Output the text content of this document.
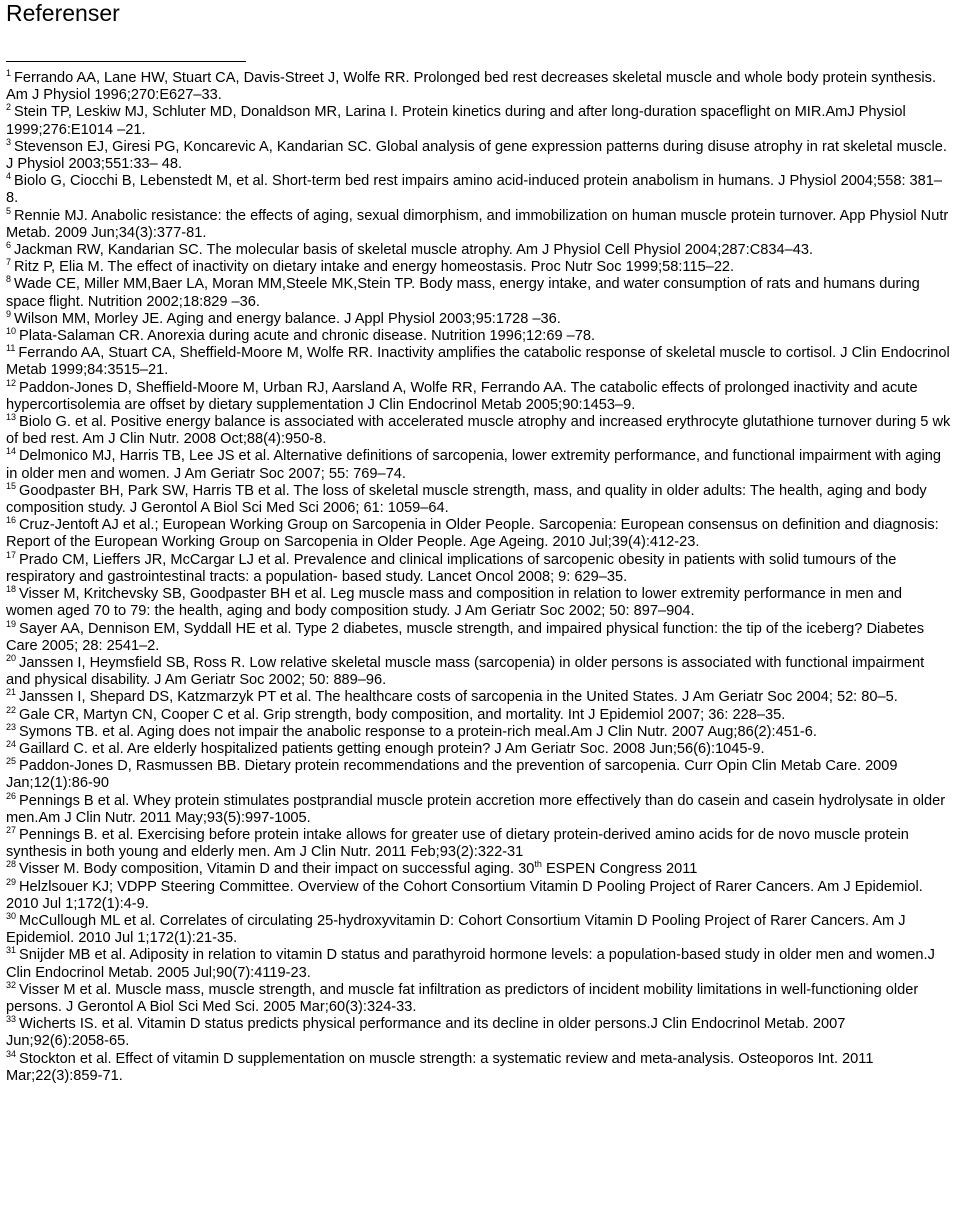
Referenser

$^1$ Ferrando AA, Lane HW, Stuart CA, Davis-Street J, Wolfe RR. Prolonged bed rest decreases skeletal muscle and whole body protein synthesis. Am J Physiol 1996;270:E627–33.

$^2$ Stein TP, Leskiw MJ, Schluter MD, Donaldson MR, Larina I. Protein kinetics during and after long-duration spaceflight on MIR.AmJ Physiol 1999;276:E1014 –21.

$^3$ Stevenson EJ, Giresi PG, Koncarevic A, Kandarian SC. Global analysis of gene expression patterns during disuse atrophy in rat skeletal muscle. J Physiol 2003;551:33– 48.

$^4$ Biolo G, Ciocchi B, Lebenstedt M, et al. Short-term bed rest impairs amino acid-induced protein anabolism in humans. J Physiol 2004;558: 381–8.

$^5$ Rennie MJ. Anabolic resistance: the effects of aging, sexual dimorphism, and immobilization on human muscle protein turnover. App Physiol Nutr Metab. 2009 Jun;34(3):377-81.

$^6$ Jackman RW, Kandarian SC. The molecular basis of skeletal muscle atrophy. Am J Physiol Cell Physiol 2004;287:C834–43.

$^7$ Ritz P, Elia M. The effect of inactivity on dietary intake and energy homeostasis. Proc Nutr Soc 1999;58:115–22.

$^8$ Wade CE, Miller MM,Baer LA, Moran MM,Steele MK,Stein TP. Body mass, energy intake, and water consumption of rats and humans during space flight. Nutrition 2002;18:829 –36.

$^9$ Wilson MM, Morley JE. Aging and energy balance. J Appl Physiol 2003;95:1728 –36.

$^{10}$ Plata-Salaman CR. Anorexia during acute and chronic disease. Nutrition 1996;12:69 –78.

$^{11}$ Ferrando AA, Stuart CA, Sheffield-Moore M, Wolfe RR. Inactivity amplifies the catabolic response of skeletal muscle to cortisol. J Clin Endocrinol Metab 1999;84:3515–21.

$^{12}$ Paddon-Jones D, Sheffield-Moore M, Urban RJ, Aarsland A, Wolfe RR, Ferrando AA. The catabolic effects of prolonged inactivity and acute hypercortisolemia are offset by dietary supplementation J Clin Endocrinol Metab 2005;90:1453–9.

$^{13}$ Biolo G. et al. Positive energy balance is associated with accelerated muscle atrophy and increased erythrocyte glutathione turnover during 5 wk of bed rest. Am J Clin Nutr. 2008 Oct;88(4):950-8.

$^{14}$ Delmonico MJ, Harris TB, Lee JS et al. Alternative definitions of sarcopenia, lower extremity performance, and functional impairment with aging in older men and women. J Am Geriatr Soc 2007; 55: 769–74.

$^{15}$ Goodpaster BH, Park SW, Harris TB et al. The loss of skeletal muscle strength, mass, and quality in older adults: The health, aging and body composition study. J Gerontol A Biol Sci Med Sci 2006; 61: 1059–64.

$^{16}$ Cruz-Jentoft AJ et al.; European Working Group on Sarcopenia in Older People. Sarcopenia: European consensus on definition and diagnosis: Report of the European Working Group on Sarcopenia in Older People. Age Ageing. 2010 Jul;39(4):412-23.

$^{17}$ Prado CM, Lieffers JR, McCargar LJ et al. Prevalence and clinical implications of sarcopenic obesity in patients with solid tumours of the respiratory and gastrointestinal tracts: a population- based study. Lancet Oncol 2008; 9: 629–35.

$^{18}$ Visser M, Kritchevsky SB, Goodpaster BH et al. Leg muscle mass and composition in relation to lower extremity performance in men and women aged 70 to 79: the health, aging and body composition study. J Am Geriatr Soc 2002; 50: 897–904.

$^{19}$ Sayer AA, Dennison EM, Syddall HE et al. Type 2 diabetes, muscle strength, and impaired physical function: the tip of the iceberg? Diabetes Care 2005; 28: 2541–2.

$^{20}$ Janssen I, Heymsfield SB, Ross R. Low relative skeletal muscle mass (sarcopenia) in older persons is associated with functional impairment and physical disability. J Am Geriatr Soc 2002; 50: 889–96.

$^{21}$ Janssen I, Shepard DS, Katzmarzyk PT et al. The healthcare costs of sarcopenia in the United States. J Am Geriatr Soc 2004; 52: 80–5.

$^{22}$ Gale CR, Martyn CN, Cooper C et al. Grip strength, body composition, and mortality. Int J Epidemiol 2007; 36: 228–35.

$^{23}$ Symons TB. et al. Aging does not impair the anabolic response to a protein-rich meal.Am J Clin Nutr. 2007 Aug;86(2):451-6.

$^{24}$ Gaillard C. et al. Are elderly hospitalized patients getting enough protein? J Am Geriatr Soc. 2008 Jun;56(6):1045-9.

$^{25}$ Paddon-Jones D, Rasmussen BB. Dietary protein recommendations and the prevention of sarcopenia. Curr Opin Clin Metab Care. 2009 Jan;12(1):86-90

$^{26}$ Pennings B et al. Whey protein stimulates postprandial muscle protein accretion more effectively than do casein and casein hydrolysate in older men.Am J Clin Nutr. 2011 May;93(5):997-1005.

$^{27}$ Pennings B. et al. Exercising before protein intake allows for greater use of dietary protein-derived amino acids for de novo muscle protein synthesis in both young and elderly men. Am J Clin Nutr. 2011 Feb;93(2):322-31

$^{28}$ Visser M. Body composition, Vitamin D and their impact on successful aging. 30th ESPEN Congress 2011

$^{29}$ Helzlsouer KJ; VDPP Steering Committee. Overview of the Cohort Consortium Vitamin D Pooling Project of Rarer Cancers. Am J Epidemiol. 2010 Jul 1;172(1):4-9.

$^{30}$ McCullough ML et al. Correlates of circulating 25-hydroxyvitamin D: Cohort Consortium Vitamin D Pooling Project of Rarer Cancers. Am J Epidemiol. 2010 Jul 1;172(1):21-35.

$^{31}$ Snijder MB et al. Adiposity in relation to vitamin D status and parathyroid hormone levels: a population-based study in older men and women.J Clin Endocrinol Metab. 2005 Jul;90(7):4119-23.

$^{32}$ Visser M et al. Muscle mass, muscle strength, and muscle fat infiltration as predictors of incident mobility limitations in well-functioning older persons. J Gerontol A Biol Sci Med Sci. 2005 Mar;60(3):324-33.

$^{33}$ Wicherts IS. et al. Vitamin D status predicts physical performance and its decline in older persons.J Clin Endocrinol Metab. 2007 Jun;92(6):2058-65.

$^{34}$ Stockton et al. Effect of vitamin D supplementation on muscle strength: a systematic review and meta-analysis. Osteoporos Int. 2011 Mar;22(3):859-71.
